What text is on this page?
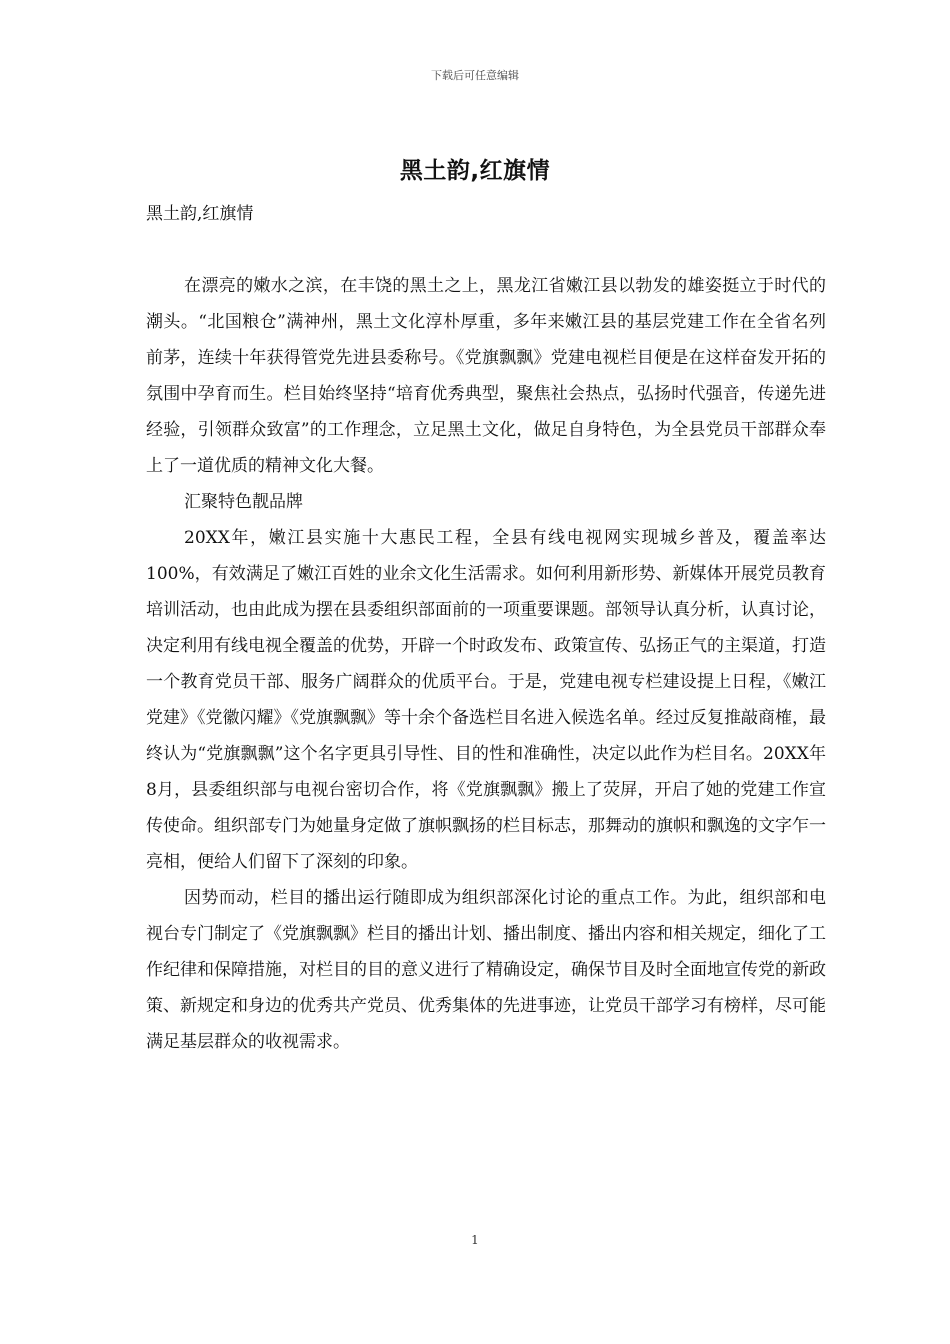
下载后可任意编辑
黑土韵,红旗情

黑土韵,红旗情

在漂亮的嫩水之滨，在丰饶的黑土之上，黑龙江省嫩江县以勃发的雄姿挺立于时代的潮头。“北国粮仓”满神州，黑土文化淳朴厚重，多年来嫩江县的基层党建工作在全省名列前茅，连续十年获得管党先进县委称号。《党旗飘飘》党建电视栏目便是在这样奋发开拓的氛围中孕育而生。栏目始终坚持“培育优秀典型，聚焦社会热点，弘扬时代强音，传递先进经验，引领群众致富”的工作理念，立足黑土文化，做足自身特色，为全县党员干部群众奉上了一道优质的精神文化大餐。

汇聚特色靓品牌

20XX年，嫩江县实施十大惠民工程，全县有线电视网实现城乡普及，覆盖率达100%，有效满足了嫩江百姓的业余文化生活需求。如何利用新形势、新媒体开展党员教育培训活动，也由此成为摆在县委组织部面前的一项重要课题。部领导认真分析，认真讨论，决定利用有线电视全覆盖的优势，开辟一个时政发布、政策宣传、弘扬正气的主渠道，打造一个教育党员干部、服务广阔群众的优质平台。于是，党建电视专栏建设提上日程，《嫩江党建》《党徽闪耀》《党旗飘飘》等十余个备选栏目名进入候选名单。经过反复推敲商榷，最终认为“党旗飘飘”这个名字更具引导性、目的性和准确性，决定以此作为栏目名。20XX年8月，县委组织部与电视台密切合作，将《党旗飘飘》搬上了荧屏，开启了她的党建工作宣传使命。组织部专门为她量身定做了旗帜飘扬的栏目标志，那舞动的旗帜和飘逸的文字乍一亮相，便给人们留下了深刻的印象。

因势而动，栏目的播出运行随即成为组织部深化讨论的重点工作。为此，组织部和电视台专门制定了《党旗飘飘》栏目的播出计划、播出制度、播出内容和相关规定，细化了工作纪律和保障措施，对栏目的目的意义进行了精确设定，确保节目及时全面地宣传党的新政策、新规定和身边的优秀共产党员、优秀集体的先进事迹，让党员干部学习有榜样，尽可能满足基层群众的收视需求。

1
